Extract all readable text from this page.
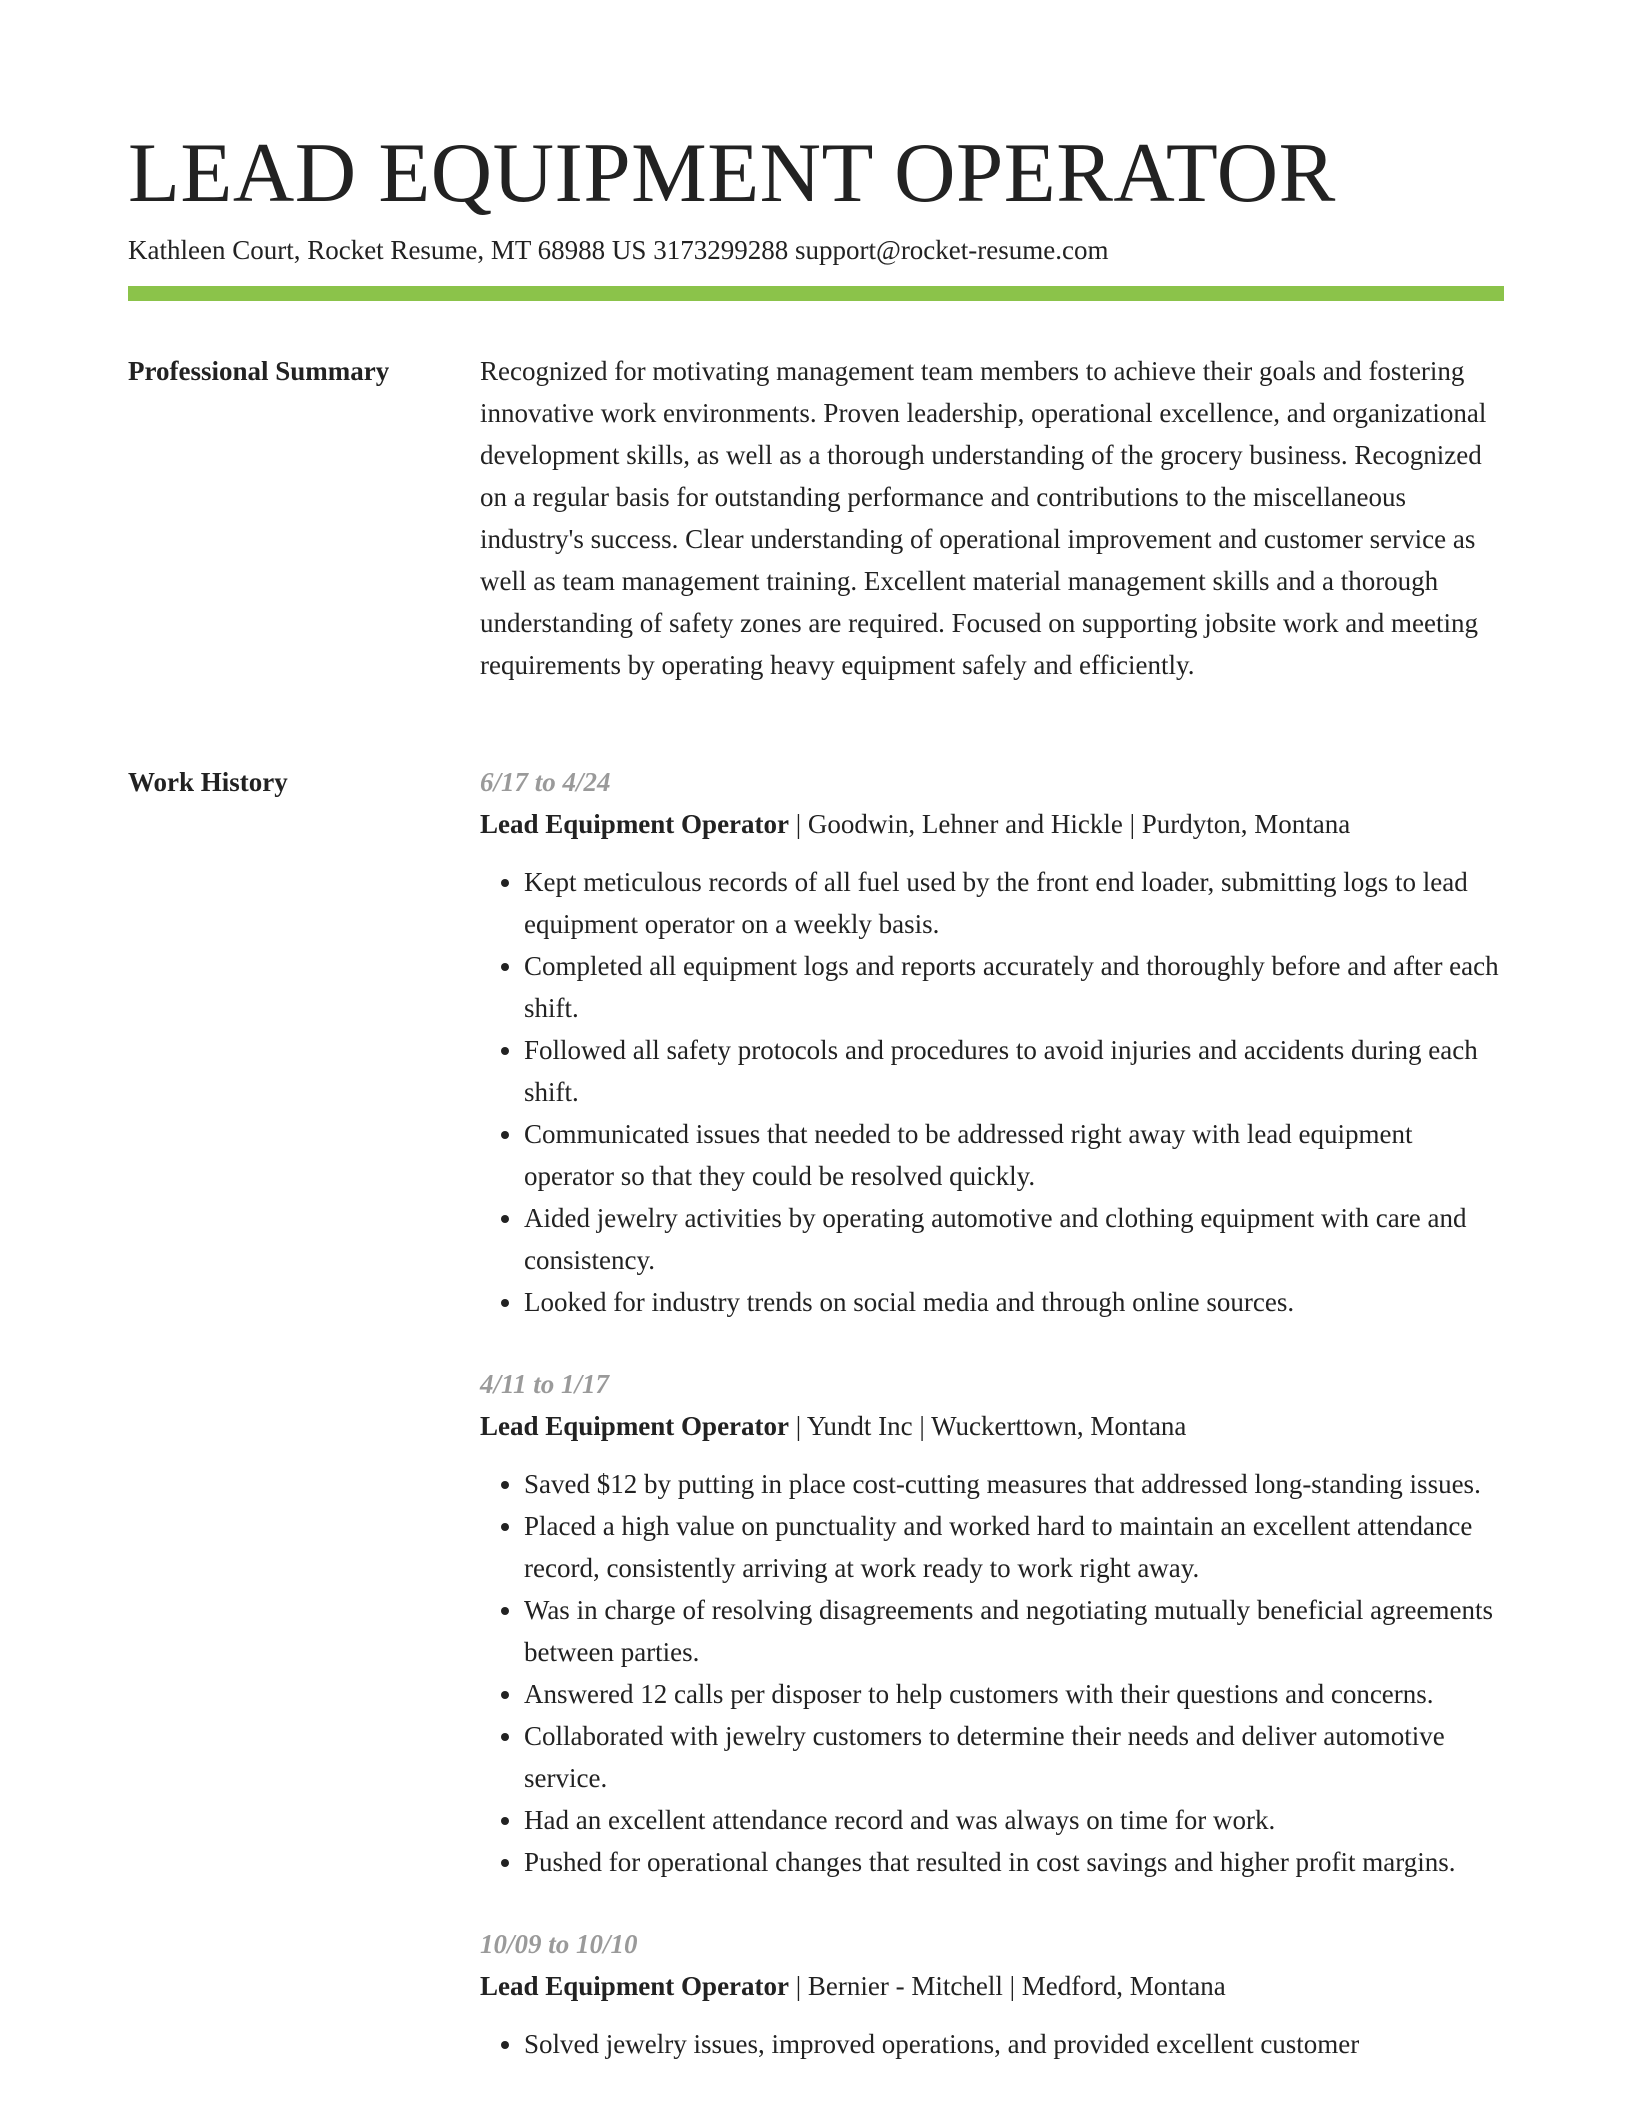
LEAD EQUIPMENT OPERATOR

Kathleen Court, Rocket Resume, MT 68988 US 3173299288 support@rocket-resume.com

Professional Summary	Recognized for motivating management team members to achieve their goals and fostering innovative work environments. Proven leadership, operational excellence, and organizational development skills, as well as a thorough understanding of the grocery business. Recognized on a regular basis for outstanding performance and contributions to the miscellaneous industry's success. Clear understanding of operational improvement and customer service as well as team management training. Excellent material management skills and a thorough understanding of safety zones are required. Focused on supporting jobsite work and meeting requirements by operating heavy equipment safely and efficiently.

Work History	6/17 to 4/24

Lead Equipment Operator | Goodwin, Lehner and Hickle | Purdyton, Montana

• Kept meticulous records of all fuel used by the front end loader, submitting logs to lead equipment operator on a weekly basis.
• Completed all equipment logs and reports accurately and thoroughly before and after each shift.
• Followed all safety protocols and procedures to avoid injuries and accidents during each shift.
• Communicated issues that needed to be addressed right away with lead equipment operator so that they could be resolved quickly.
• Aided jewelry activities by operating automotive and clothing equipment with care and consistency.
• Looked for industry trends on social media and through online sources.

4/11 to 1/17

Lead Equipment Operator | Yundt Inc | Wuckerttown, Montana

• Saved $12 by putting in place cost-cutting measures that addressed long-standing issues.
• Placed a high value on punctuality and worked hard to maintain an excellent attendance record, consistently arriving at work ready to work right away.
• Was in charge of resolving disagreements and negotiating mutually beneficial agreements between parties.
• Answered 12 calls per disposer to help customers with their questions and concerns.
• Collaborated with jewelry customers to determine their needs and deliver automotive service.
• Had an excellent attendance record and was always on time for work.
• Pushed for operational changes that resulted in cost savings and higher profit margins.

10/09 to 10/10

Lead Equipment Operator | Bernier - Mitchell | Medford, Montana

• Solved jewelry issues, improved operations, and provided excellent customer
